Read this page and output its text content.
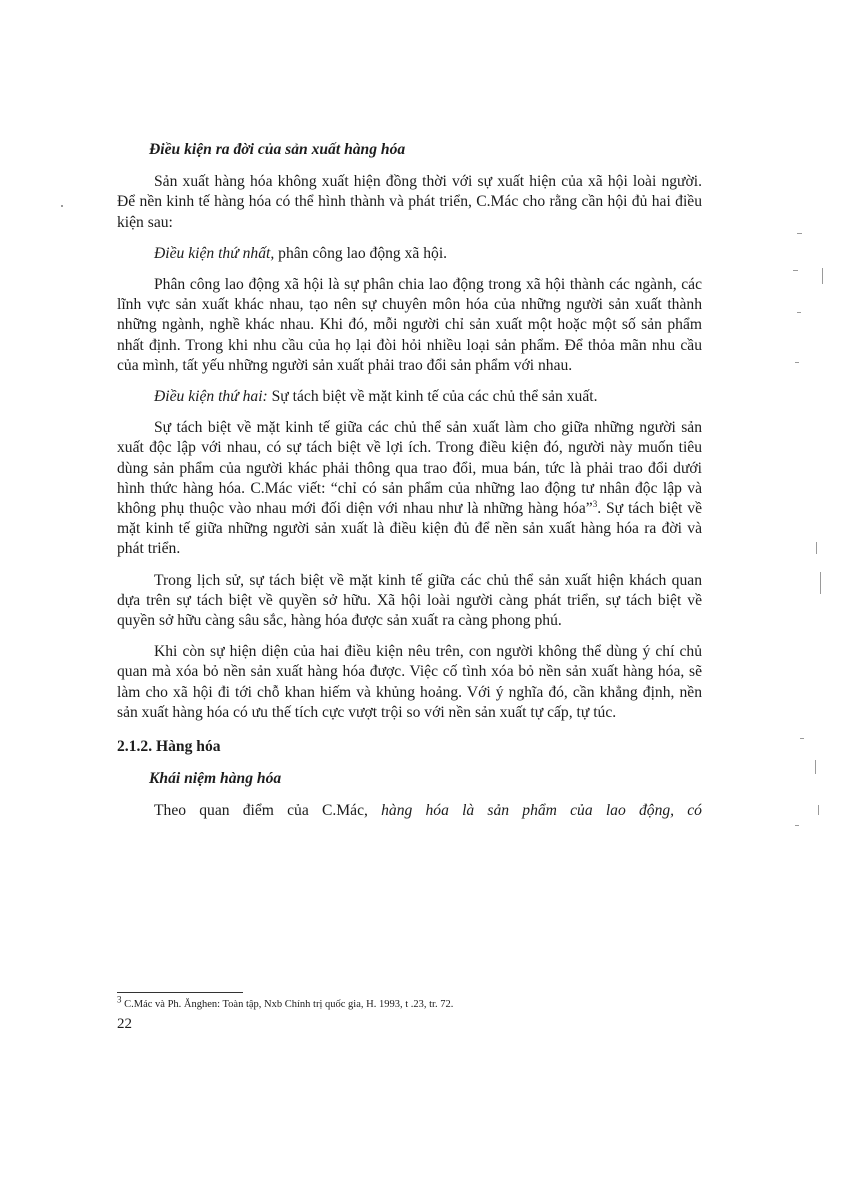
Điều kiện ra đời của sản xuất hàng hóa

Sản xuất hàng hóa không xuất hiện đồng thời với sự xuất hiện của xã hội loài người. Để nền kinh tế hàng hóa có thể hình thành và phát triển, C.Mác cho rằng cần hội đủ hai điều kiện sau:

Điều kiện thứ nhất, phân công lao động xã hội.

Phân công lao động xã hội là sự phân chia lao động trong xã hội thành các ngành, các lĩnh vực sản xuất khác nhau, tạo nên sự chuyên môn hóa của những người sản xuất thành những ngành, nghề khác nhau. Khi đó, mỗi người chỉ sản xuất một hoặc một số sản phẩm nhất định. Trong khi nhu cầu của họ lại đòi hỏi nhiều loại sản phẩm. Để thỏa mãn nhu cầu của mình, tất yếu những người sản xuất phải trao đổi sản phẩm với nhau.

Điều kiện thứ hai: Sự tách biệt về mặt kinh tế của các chủ thể sản xuất.

Sự tách biệt về mặt kinh tế giữa các chủ thể sản xuất làm cho giữa những người sản xuất độc lập với nhau, có sự tách biệt về lợi ích. Trong điều kiện đó, người này muốn tiêu dùng sản phẩm của người khác phải thông qua trao đổi, mua bán, tức là phải trao đổi dưới hình thức hàng hóa. C.Mác viết: “chỉ có sản phẩm của những lao động tư nhân độc lập và không phụ thuộc vào nhau mới đối diện với nhau như là những hàng hóa”$^3$. Sự tách biệt về mặt kinh tế giữa những người sản xuất là điều kiện đủ để nền sản xuất hàng hóa ra đời và phát triển.

Trong lịch sử, sự tách biệt về mặt kinh tế giữa các chủ thể sản xuất hiện khách quan dựa trên sự tách biệt về quyền sở hữu. Xã hội loài người càng phát triển, sự tách biệt về quyền sở hữu càng sâu sắc, hàng hóa được sản xuất ra càng phong phú.

Khi còn sự hiện diện của hai điều kiện nêu trên, con người không thể dùng ý chí chủ quan mà xóa bỏ nền sản xuất hàng hóa được. Việc cố tình xóa bỏ nền sản xuất hàng hóa, sẽ làm cho xã hội đi tới chỗ khan hiếm và khủng hoảng. Với ý nghĩa đó, cần khẳng định, nền sản xuất hàng hóa có ưu thế tích cực vượt trội so với nền sản xuất tự cấp, tự túc.

2.1.2. Hàng hóa

Khái niệm hàng hóa

Theo quan điểm của C.Mác, hàng hóa là sản phẩm của lao động, có

3 C.Mác và Ph. Ănghen: Toàn tập, Nxb Chính trị quốc gia, H. 1993, t .23, tr. 72.
22
